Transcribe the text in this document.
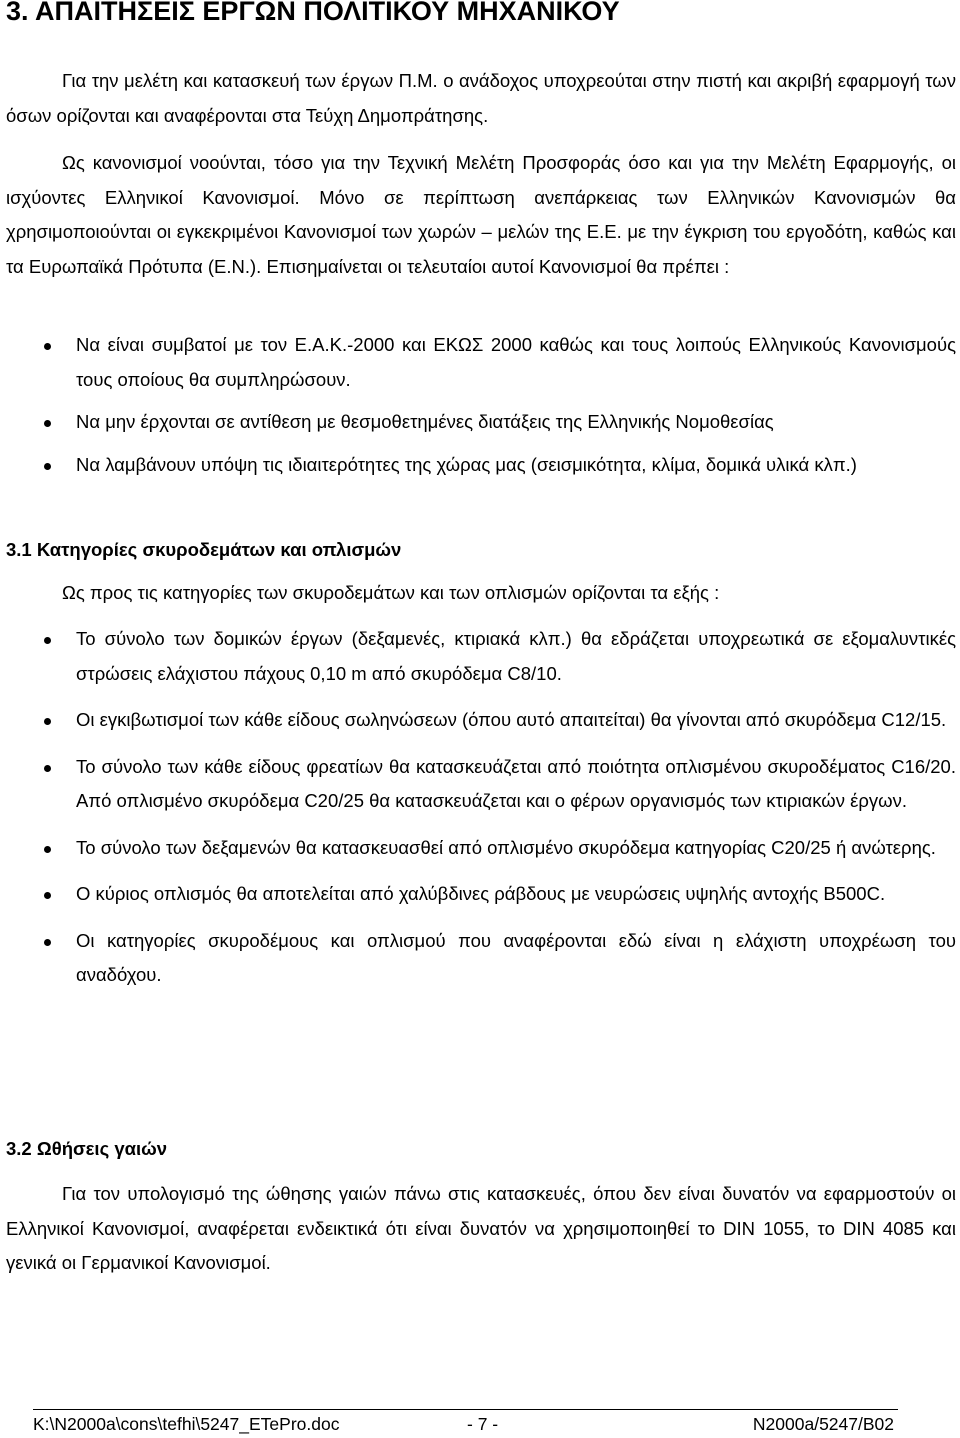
3. ΑΠΑΙΤΗΣΕΙΣ ΕΡΓΩΝ ΠΟΛΙΤΙΚΟΥ ΜΗΧΑΝΙΚΟΥ

Για την μελέτη και κατασκευή των έργων Π.Μ. ο ανάδοχος υποχρεούται στην πιστή και ακριβή εφαρμογή των όσων ορίζονται και αναφέρονται στα Τεύχη Δημοπράτησης.

Ως κανονισμοί νοούνται, τόσο για την Τεχνική Μελέτη Προσφοράς όσο και για την Μελέτη Εφαρμογής, οι ισχύοντες Ελληνικοί Κανονισμοί. Μόνο σε περίπτωση ανεπάρκειας των Ελληνικών Κανονισμών θα χρησιμοποιούνται οι εγκεκριμένοι Κανονισμοί των χωρών – μελών της Ε.Ε. με την έγκριση του εργοδότη, καθώς και τα Ευρωπαϊκά Πρότυπα (Ε.Ν.). Επισημαίνεται οι τελευταίοι αυτοί Κανονισμοί θα πρέπει :

Να είναι συμβατοί με τον Ε.Α.Κ.-2000 και ΕΚΩΣ 2000 καθώς και τους λοιπούς Ελληνικούς Κανονισμούς τους οποίους θα συμπληρώσουν.
Να μην έρχονται σε αντίθεση με θεσμοθετημένες διατάξεις της Ελληνικής Νομοθεσίας
Να λαμβάνουν υπόψη τις ιδιαιτερότητες της χώρας μας (σεισμικότητα, κλίμα, δομικά υλικά κλπ.)
3.1 Κατηγορίες σκυροδεμάτων και οπλισμών

Ως προς τις κατηγορίες των σκυροδεμάτων και των οπλισμών ορίζονται τα εξής :

Το σύνολο των δομικών έργων (δεξαμενές, κτιριακά κλπ.) θα εδράζεται υποχρεωτικά σε εξομαλυντικές στρώσεις ελάχιστου πάχους 0,10 m από σκυρόδεμα C8/10.
Οι εγκιβωτισμοί των κάθε είδους σωληνώσεων (όπου αυτό απαιτείται) θα γίνονται από σκυρόδεμα C12/15.
Το σύνολο των κάθε είδους φρεατίων θα κατασκευάζεται από ποιότητα οπλισμένου σκυροδέματος C16/20. Από οπλισμένο σκυρόδεμα C20/25 θα κατασκευάζεται και ο φέρων οργανισμός των κτιριακών έργων.
Το σύνολο των δεξαμενών θα κατασκευασθεί από οπλισμένο σκυρόδεμα κατηγορίας C20/25 ή ανώτερης.
Ο κύριος οπλισμός θα αποτελείται από χαλύβδινες ράβδους με νευρώσεις υψηλής αντοχής B500C.
Οι κατηγορίες σκυροδέμους και οπλισμού που αναφέρονται εδώ είναι η ελάχιστη υποχρέωση του αναδόχου.
3.2 Ωθήσεις γαιών

Για τον υπολογισμό της ώθησης γαιών πάνω στις κατασκευές, όπου δεν είναι δυνατόν να εφαρμοστούν οι Ελληνικοί Κανονισμοί, αναφέρεται ενδεικτικά ότι είναι δυνατόν να χρησιμοποιηθεί το DIN 1055, το DIN 4085 και γενικά οι Γερμανικοί Κανονισμοί.

K:\N2000a\cons\tefhi\5247_ETePro.doc	- 7 -	N2000a/5247/B02
